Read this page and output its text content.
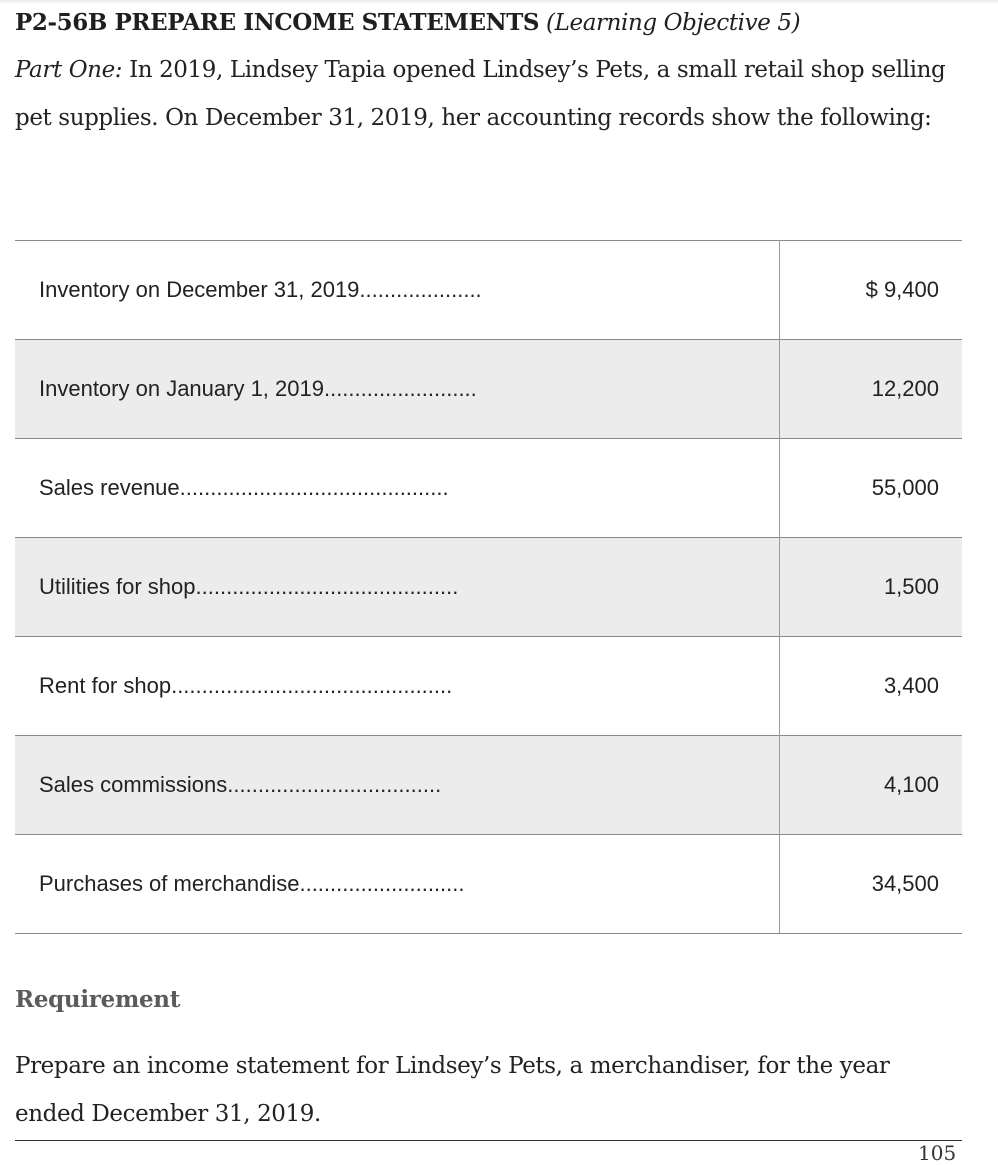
P2-56B PREPARE INCOME STATEMENTS (Learning Objective 5)
Part One: In 2019, Lindsey Tapia opened Lindsey’s Pets, a small retail shop selling pet supplies. On December 31, 2019, her accounting records show the following:
Inventory on December 31, 2019....................	$ 9,400
Inventory on January 1, 2019.........................	12,200
Sales revenue............................................	55,000
Utilities for shop...........................................	1,500
Rent for shop..............................................	3,400
Sales commissions...................................	4,100
Purchases of merchandise...........................	34,500
Requirement
Prepare an income statement for Lindsey’s Pets, a merchandiser, for the year ended December 31, 2019.
105
